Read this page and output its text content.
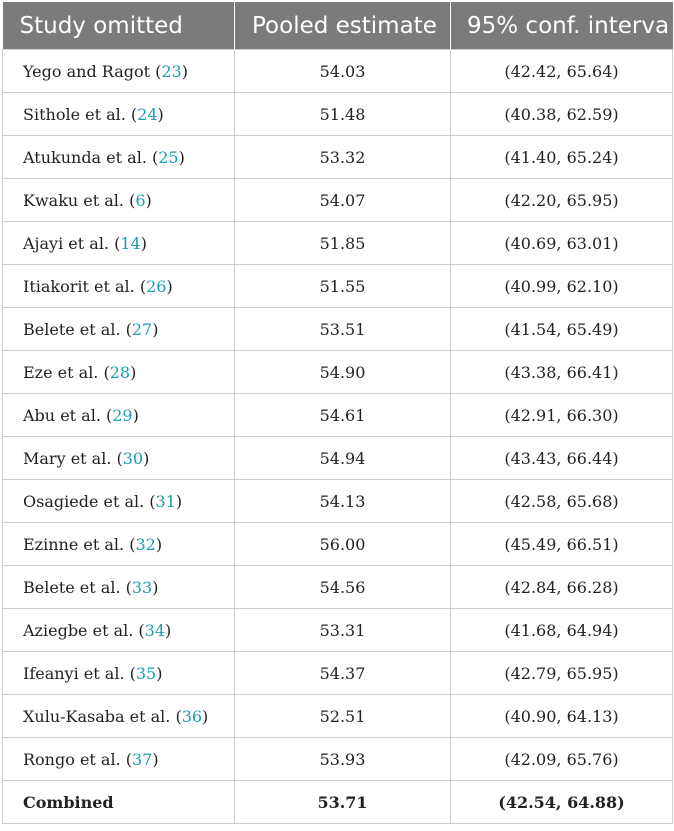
Study omitted	Pooled estimate	95% conf. interva
Yego and Ragot (23)	54.03	(42.42, 65.64)
Sithole et al. (24)	51.48	(40.38, 62.59)
Atukunda et al. (25)	53.32	(41.40, 65.24)
Kwaku et al. (6)	54.07	(42.20, 65.95)
Ajayi et al. (14)	51.85	(40.69, 63.01)
Itiakorit et al. (26)	51.55	(40.99, 62.10)
Belete et al. (27)	53.51	(41.54, 65.49)
Eze et al. (28)	54.90	(43.38, 66.41)
Abu et al. (29)	54.61	(42.91, 66.30)
Mary et al. (30)	54.94	(43.43, 66.44)
Osagiede et al. (31)	54.13	(42.58, 65.68)
Ezinne et al. (32)	56.00	(45.49, 66.51)
Belete et al. (33)	54.56	(42.84, 66.28)
Aziegbe et al. (34)	53.31	(41.68, 64.94)
Ifeanyi et al. (35)	54.37	(42.79, 65.95)
Xulu-Kasaba et al. (36)	52.51	(40.90, 64.13)
Rongo et al. (37)	53.93	(42.09, 65.76)
Combined	53.71	(42.54, 64.88)
